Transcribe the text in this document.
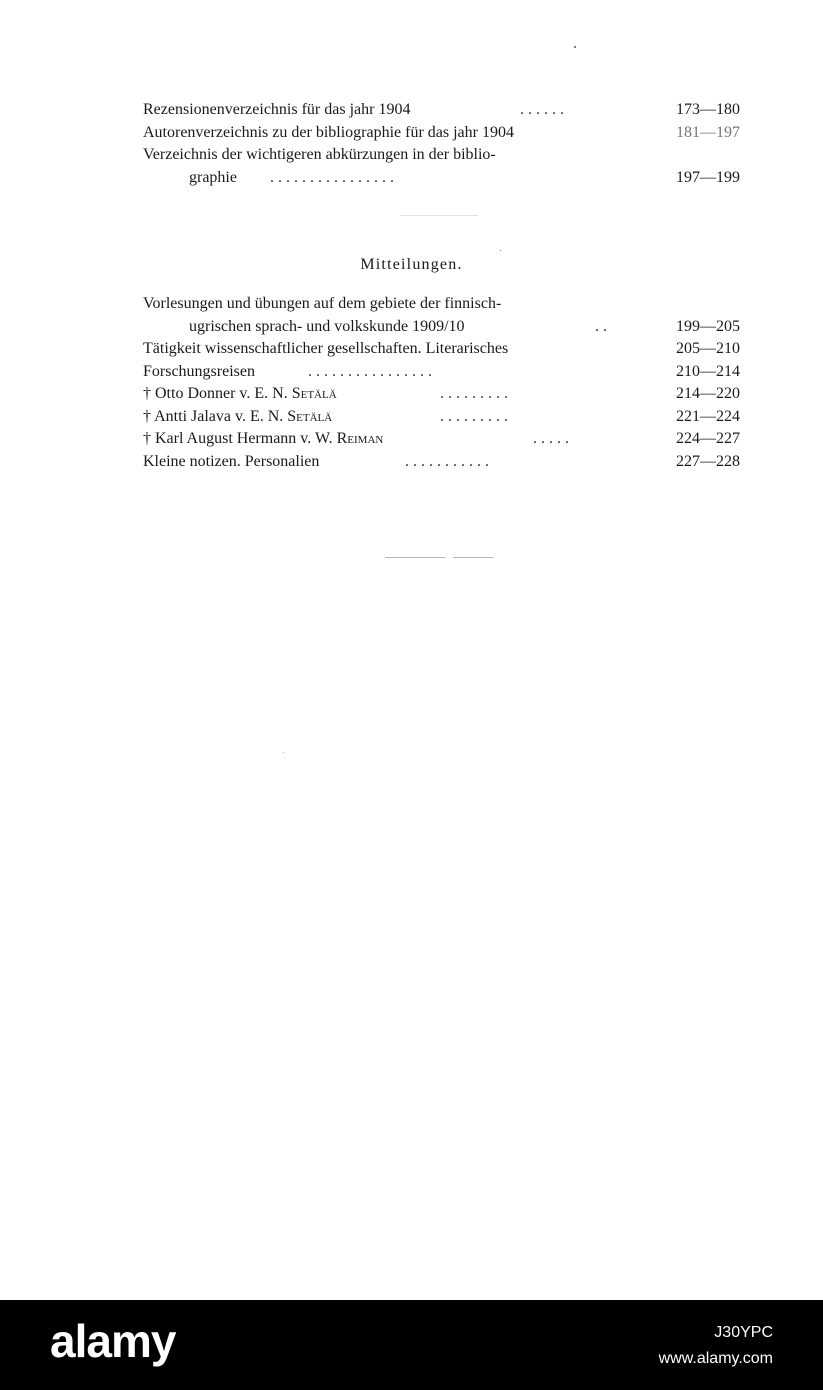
Rezensionenverzeichnis für das jahr 1904	. . . . . .	173—180
Autorenverzeichnis zu der bibliographie für das jahr 1904	181—197
Verzeichnis der wichtigeren abkürzungen in der biblio-
graphie . . . . . . . . . . . . . . . .	197—199
Mitteilungen.
Vorlesungen und übungen auf dem gebiete der finnisch-
ugrischen sprach- und volkskunde 1909/10	. .	199—205
Tätigkeit wissenschaftlicher gesellschaften. Literarisches	205—210
Forschungsreisen	. . . . . . . . . . . . . . . .	210—214
† Otto Donner v. E. N. Setälä	. . . . . . . . .	214—220
† Antti Jalava v. E. N. Setälä	. . . . . . . . .	221—224
† Karl August Hermann v. W. Reiman	. . . . .	224—227
Kleine notizen. Personalien	. . . . . . . . . . .	227—228
alamy	J30YPC
www.alamy.com
